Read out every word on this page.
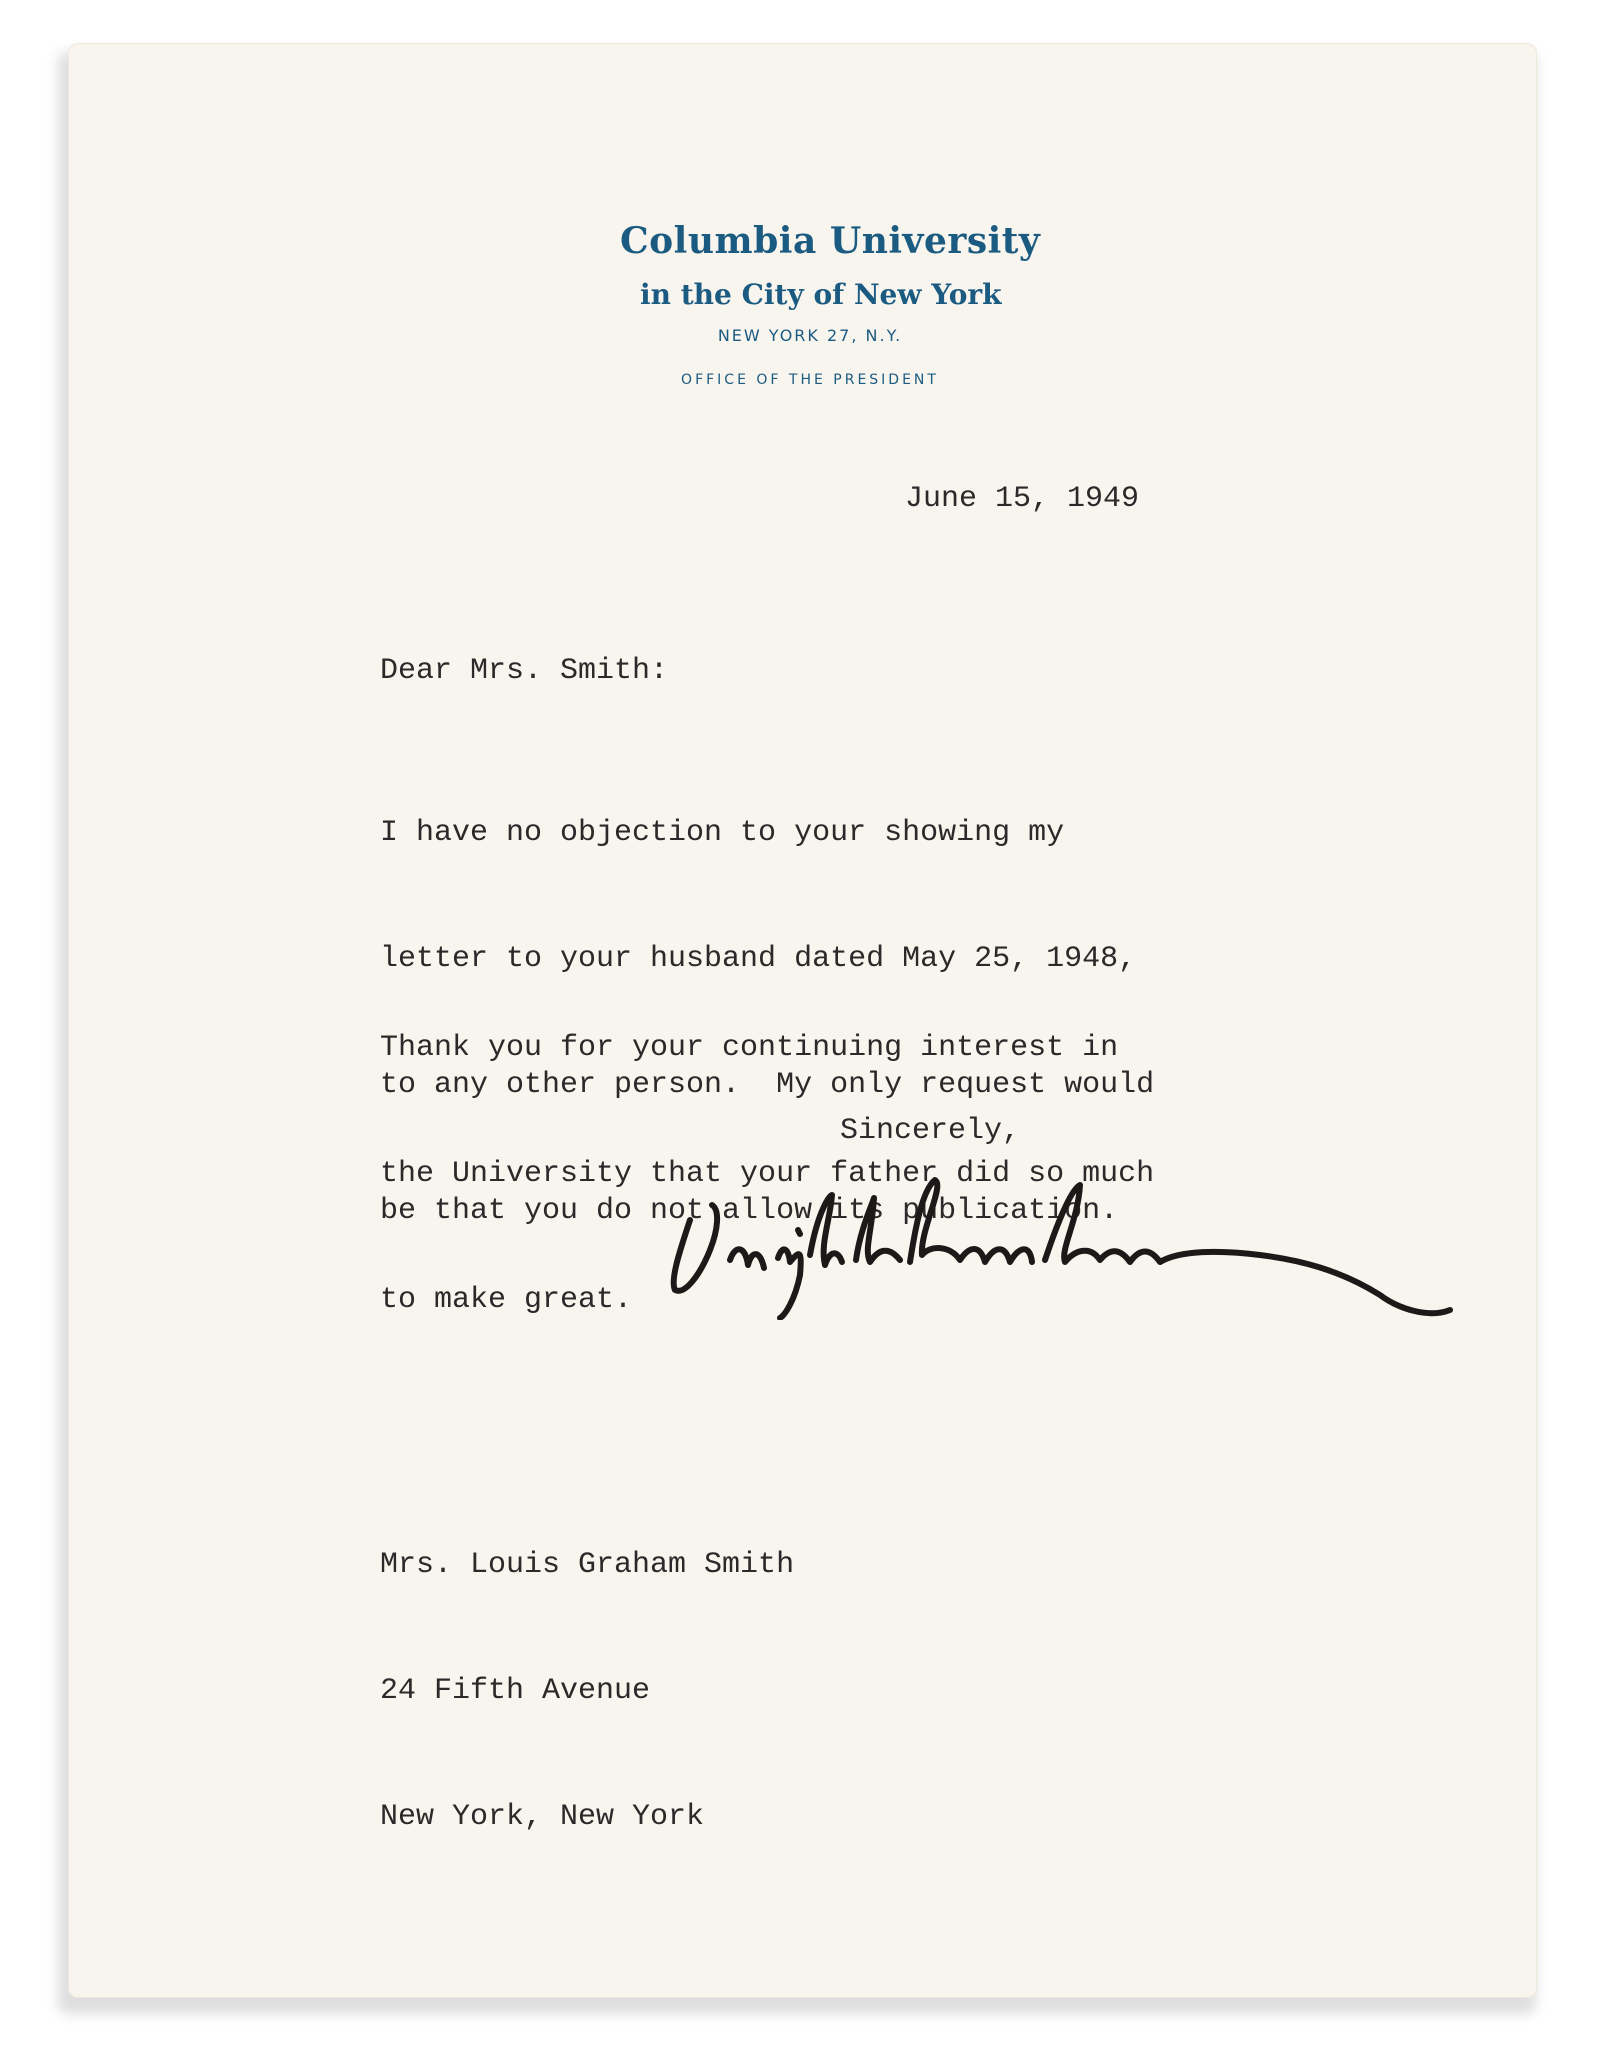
Columbia University
in the City of New York
NEW YORK 27, N.Y.
OFFICE OF THE PRESIDENT
June 15, 1949
Dear Mrs. Smith:

I have no objection to your showing my

letter to your husband dated May 25, 1948,

to any other person.  My only request would

be that you do not allow its publication.

Thank you for your continuing interest in

the University that your father did so much

to make great.

Sincerely,

Mrs. Louis Graham Smith

24 Fifth Avenue

New York, New York
